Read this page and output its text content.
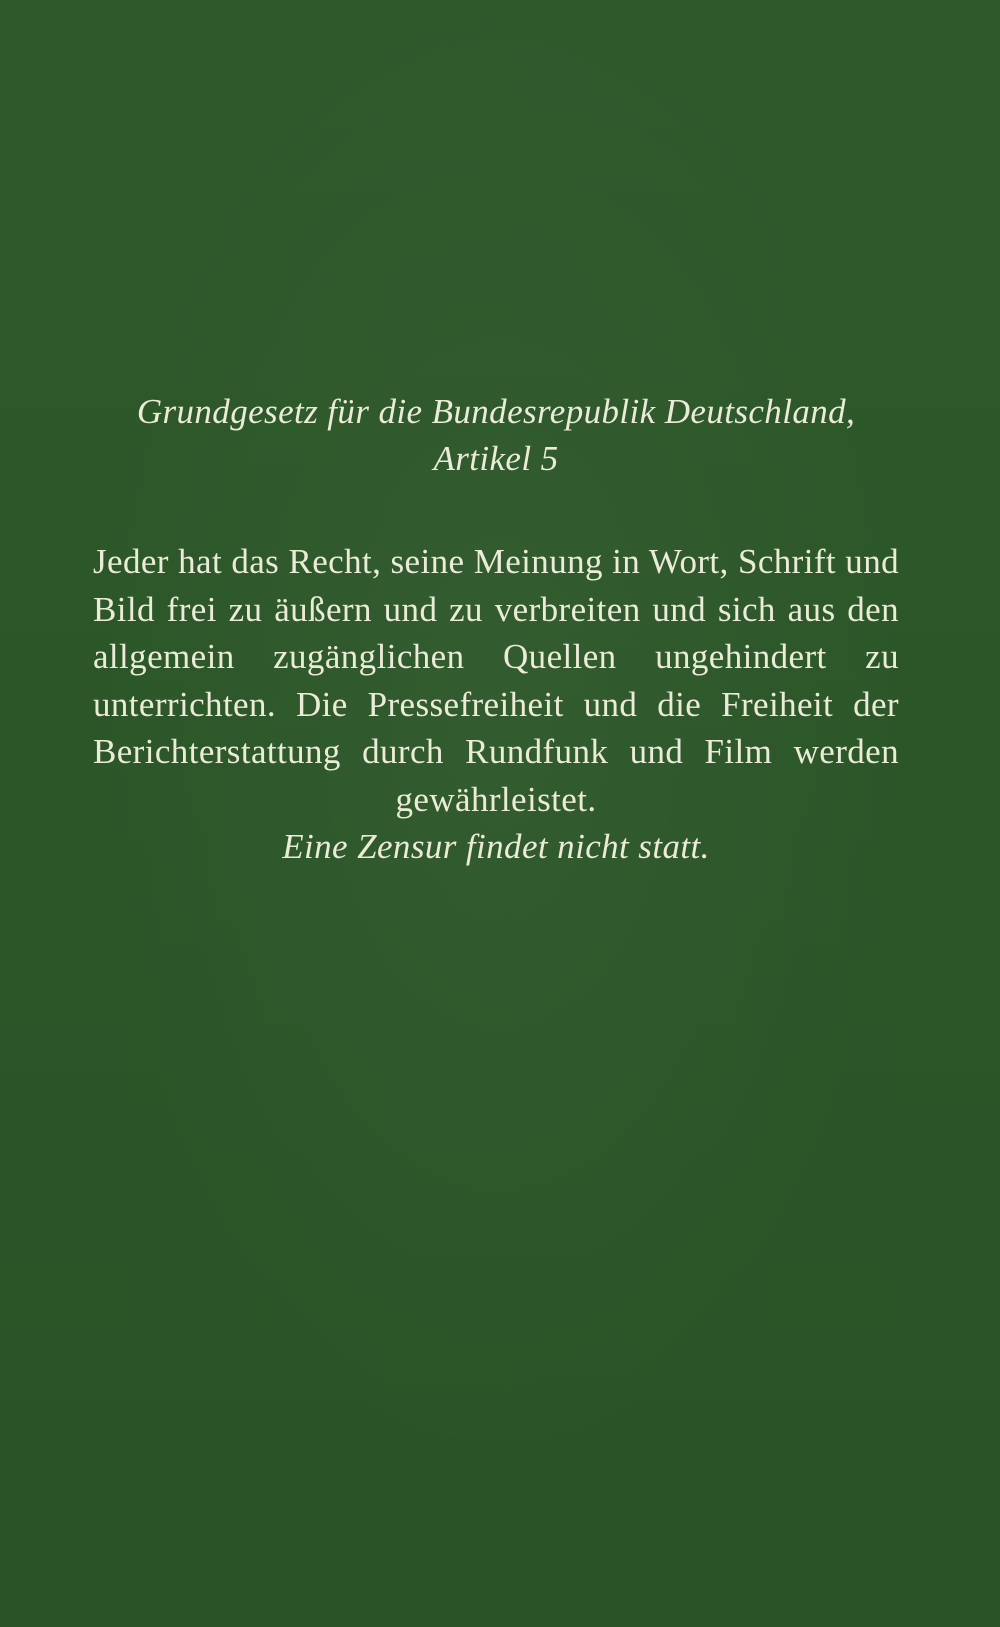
Grundgesetz für die Bundesrepublik Deutschland,
Artikel 5

Jeder hat das Recht, seine Meinung in Wort, Schrift und Bild frei zu äußern und zu verbreiten und sich aus den allgemein zugänglichen Quellen ungehindert zu unterrichten. Die Pressefreiheit und die Freiheit der Berichterstattung durch Rundfunk und Film werden gewährleistet.

Eine Zensur findet nicht statt.
